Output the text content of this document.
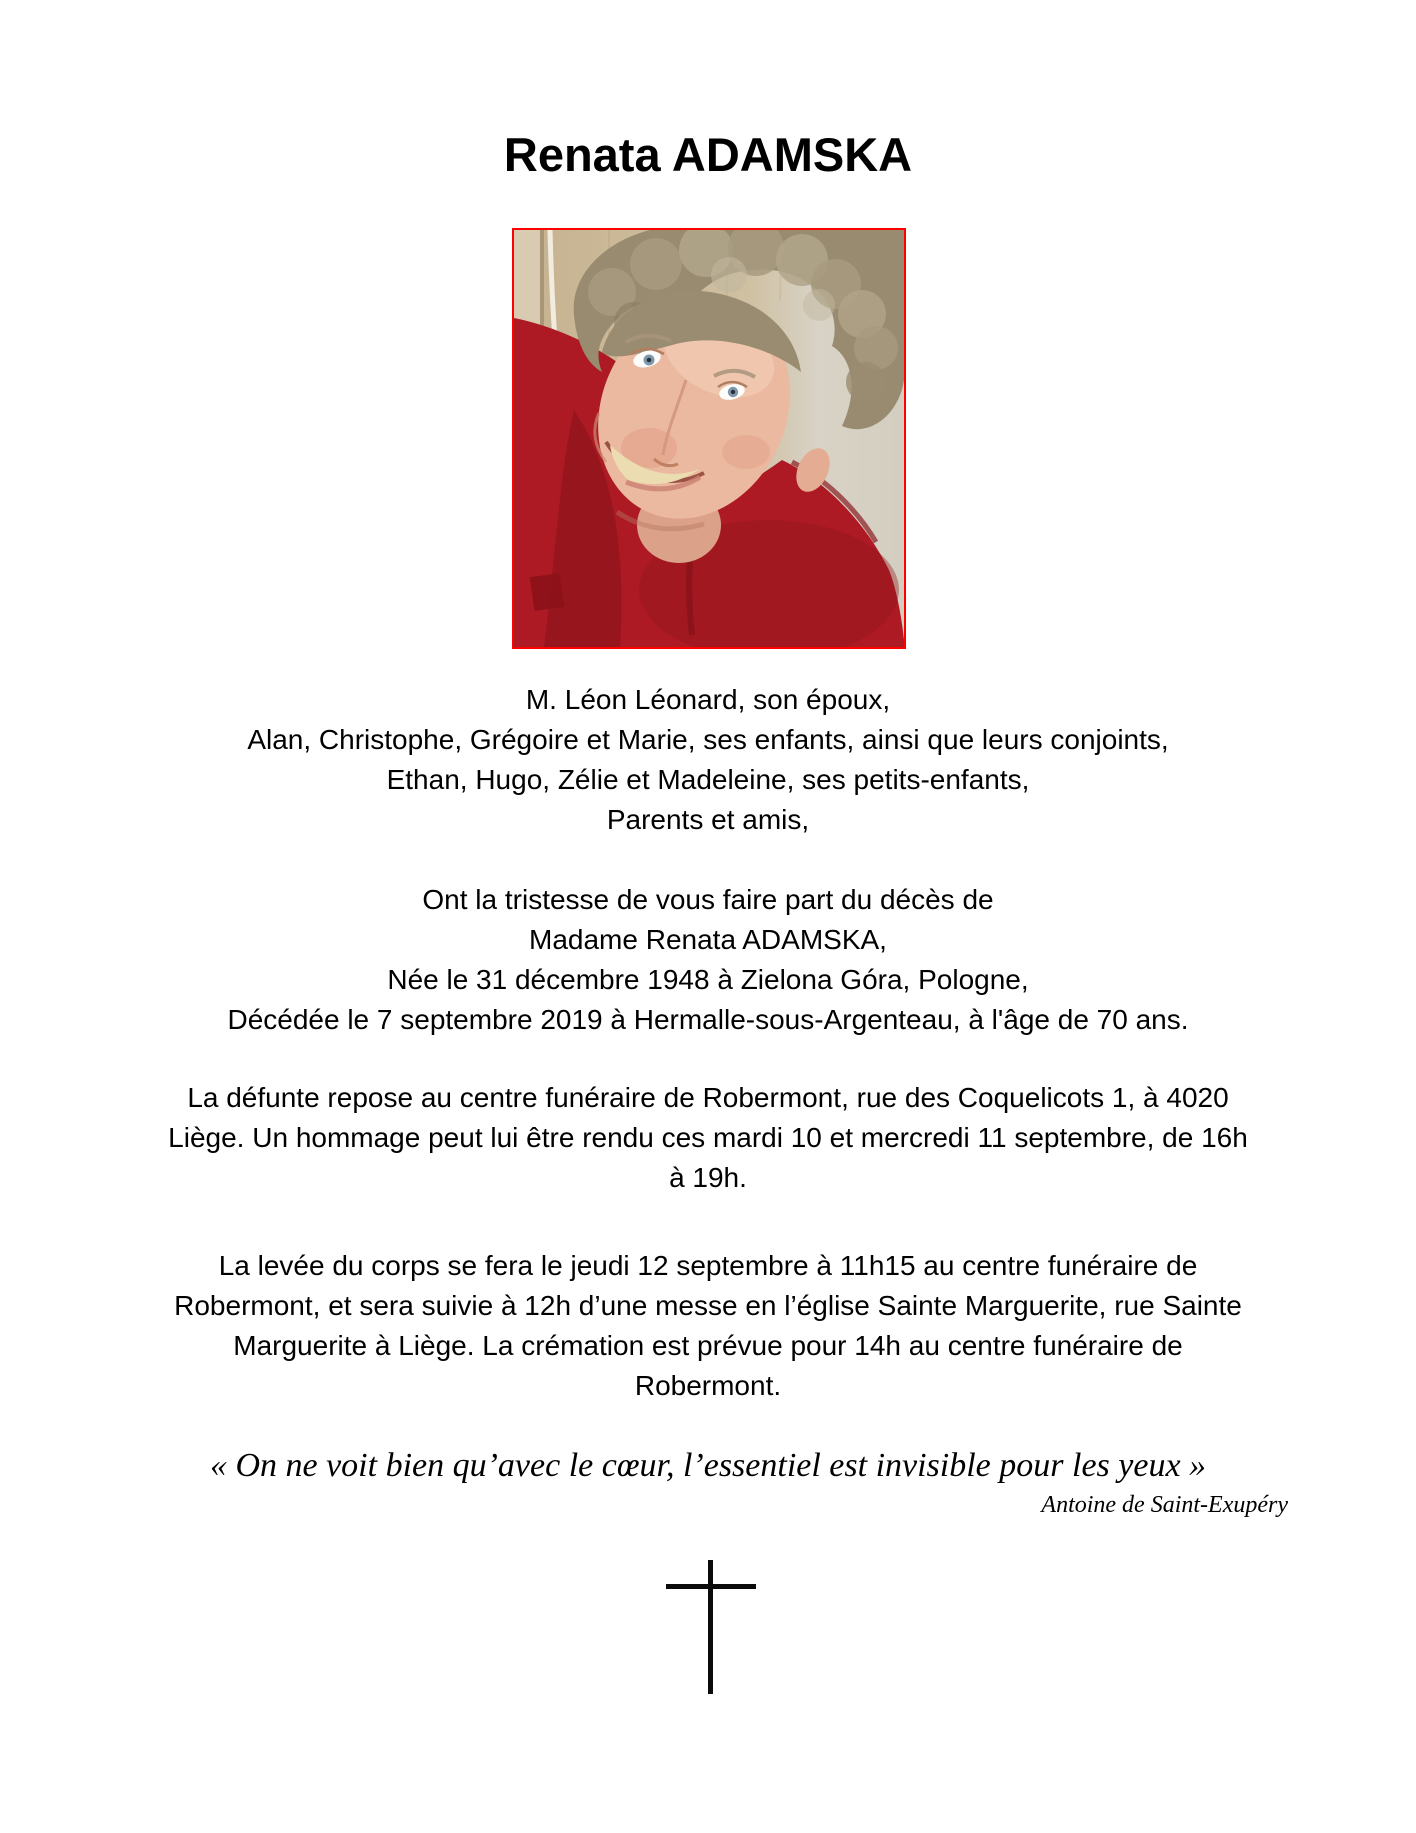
Renata ADAMSKA
M. Léon Léonard, son époux,
Alan, Christophe, Grégoire et Marie, ses enfants, ainsi que leurs conjoints,
Ethan, Hugo, Zélie et Madeleine, ses petits-enfants,
Parents et amis,
Ont la tristesse de vous faire part du décès de
Madame Renata ADAMSKA,
Née le 31 décembre 1948 à Zielona Góra, Pologne,
Décédée le 7 septembre 2019 à Hermalle-sous-Argenteau, à l'âge de 70 ans.
La défunte repose au centre funéraire de Robermont, rue des Coquelicots 1, à 4020
Liège. Un hommage peut lui être rendu ces mardi 10 et mercredi 11 septembre, de 16h
à 19h.
La levée du corps se fera le jeudi 12 septembre à 11h15 au centre funéraire de
Robermont, et sera suivie à 12h d’une messe en l’église Sainte Marguerite, rue Sainte
Marguerite à Liège. La crémation est prévue pour 14h au centre funéraire de
Robermont.
« On ne voit bien qu’avec le cœur, l’essentiel est invisible pour les yeux »
Antoine de Saint-Exupéry
